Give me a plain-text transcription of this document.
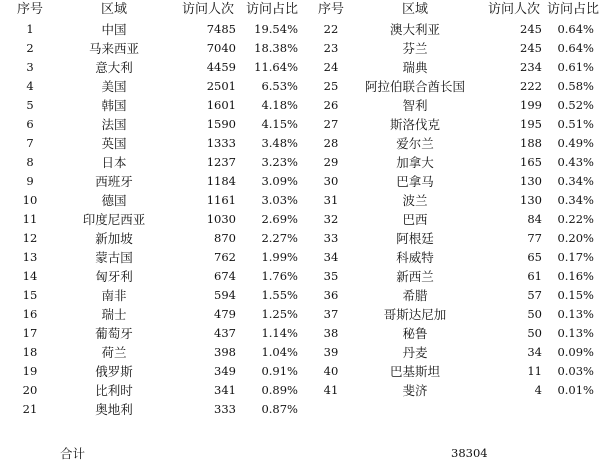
序号	区域	访问人次	访问占比
1	中国	7485	19.54%
2	马来西亚	7040	18.38%
3	意大利	4459	11.64%
4	美国	2501	6.53%
5	韩国	1601	4.18%
6	法国	1590	4.15%
7	英国	1333	3.48%
8	日本	1237	3.23%
9	西班牙	1184	3.09%
10	德国	1161	3.03%
11	印度尼西亚	1030	2.69%
12	新加坡	870	2.27%
13	蒙古国	762	1.99%
14	匈牙利	674	1.76%
15	南非	594	1.55%
16	瑞士	479	1.25%
17	葡萄牙	437	1.14%
18	荷兰	398	1.04%
19	俄罗斯	349	0.91%
20	比利时	341	0.89%
21	奥地利	333	0.87%
序号	区域	访问人次	访问占比
22	澳大利亚	245	0.64%
23	芬兰	245	0.64%
24	瑞典	234	0.61%
25	阿拉伯联合酋长国	222	0.58%
26	智利	199	0.52%
27	斯洛伐克	195	0.51%
28	爱尔兰	188	0.49%
29	加拿大	165	0.43%
30	巴拿马	130	0.34%
31	波兰	130	0.34%
32	巴西	84	0.22%
33	阿根廷	77	0.20%
34	科威特	65	0.17%
35	新西兰	61	0.16%
36	希腊	57	0.15%
37	哥斯达尼加	50	0.13%
38	秘鲁	50	0.13%
39	丹麦	34	0.09%
40	巴基斯坦	11	0.03%
41	斐济	4	0.01%
合计	38304
